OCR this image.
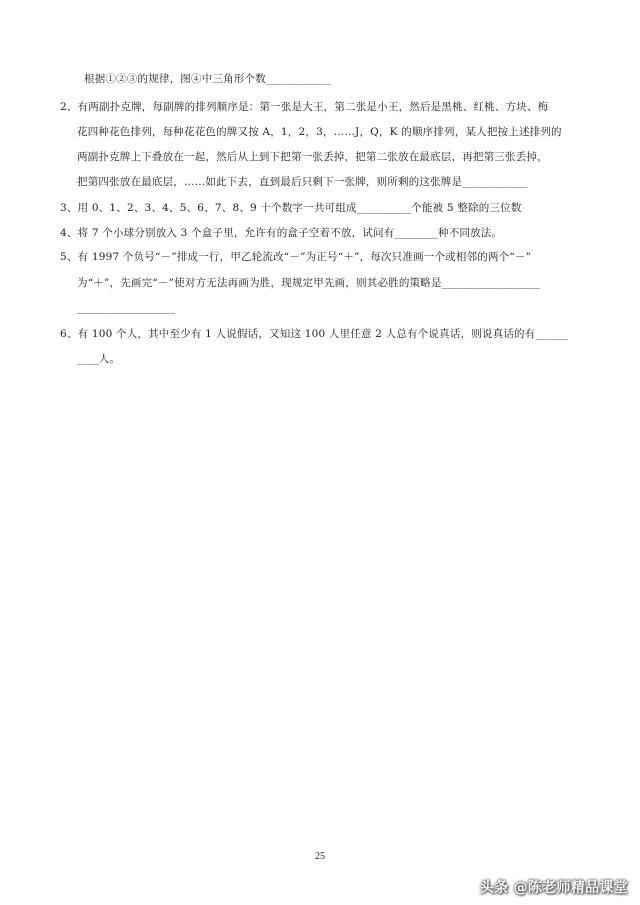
根据①②③的规律，图④中三角形个数____________
2、有两副扑克牌，每副牌的排列顺序是：第一张是大王，第二张是小王，然后是黑桃、红桃、方块、梅
花四种花色排列，每种花花色的牌又按 A，1，2，3，……J，Q，K 的顺序排列，某人把按上述排列的
两副扑克牌上下叠放在一起，然后从上到下把第一张丢掉，把第二张放在最底层，再把第三张丢掉，
把第四张放在最底层，……如此下去，直到最后只剩下一张牌，则所剩的这张牌是____________
3、用 0、1、2、3、4、5、6、7、8、9 十个数字一共可组成__________个能被 5 整除的三位数
4、将 7 个小球分别放入 3 个盒子里，允许有的盒子空着不放，试问有________种不同放法。
5、有 1997 个负号“－”排成一行，甲乙轮流改“－”为正号“＋”，每次只准画一个或相邻的两个“－”
为“＋”，先画完“－”使对方无法再画为胜，现规定甲先画，则其必胜的策略是__________________
__________________
6、有 100 个人，其中至少有 1 人说假话，又知这 100 人里任意 2 人总有个说真话，则说真话的有______
____人。
25
头条 @陈老师精品课堂
